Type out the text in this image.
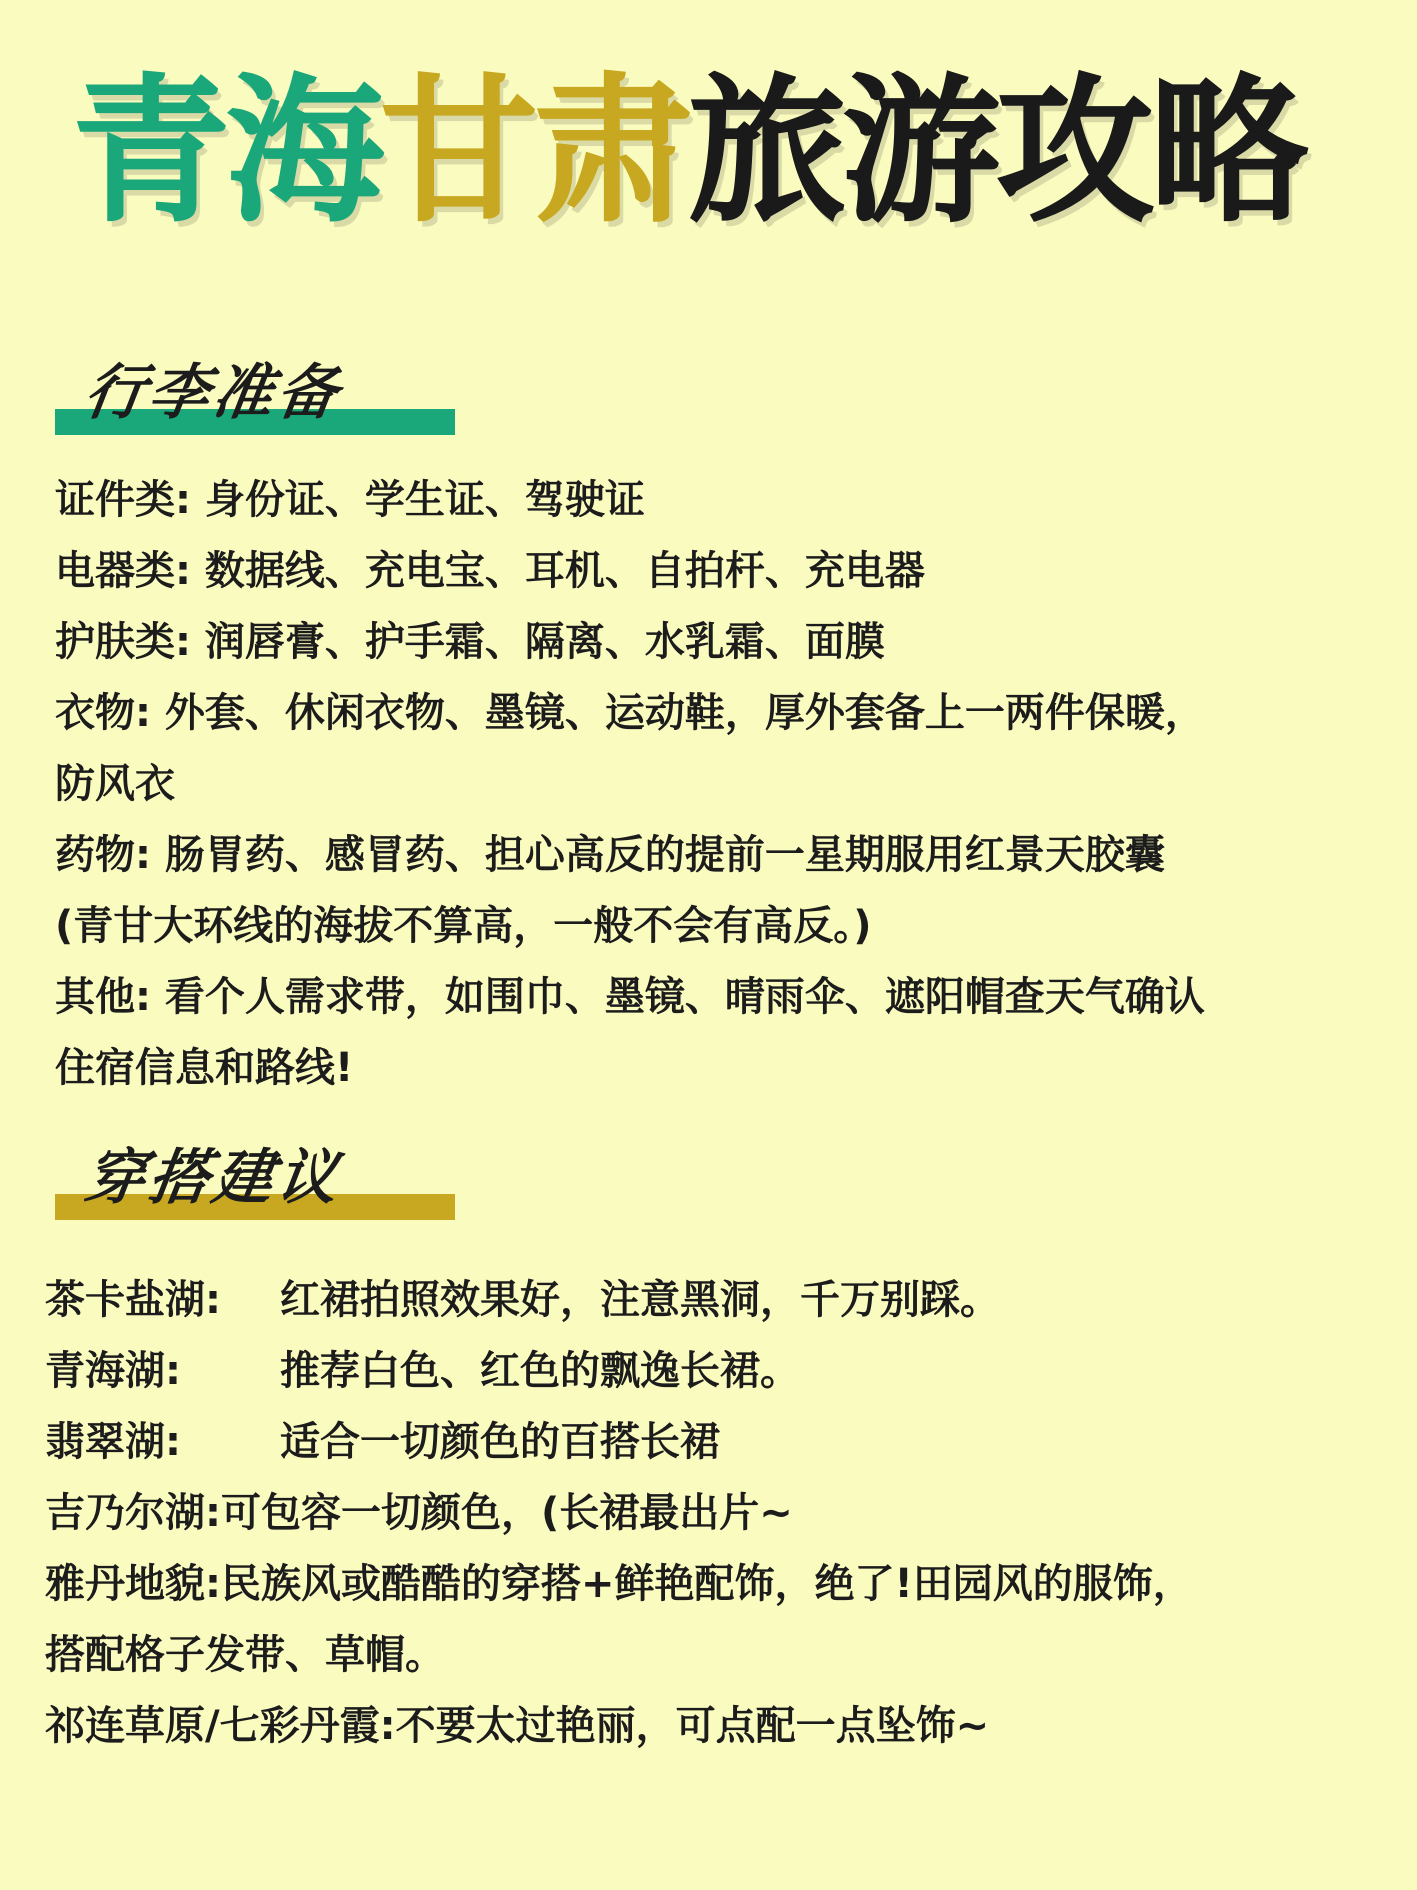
青海甘肃旅游攻略
行李准备
证件类: 身份证、学生证、驾驶证
电器类: 数据线、充电宝、耳机、自拍杆、充电器
护肤类: 润唇膏、护手霜、隔离、水乳霜、面膜
衣物: 外套、休闲衣物、墨镜、运动鞋，厚外套备上一两件保暖，
防风衣
药物: 肠胃药、感冒药、担心高反的提前一星期服用红景天胶囊
(青甘大环线的海拔不算高，一般不会有高反。)
其他: 看个人需求带，如围巾、墨镜、晴雨伞、遮阳帽查天气确认
住宿信息和路线!
穿搭建议
茶卡盐湖:	红裙拍照效果好，注意黑洞，千万别踩。
青海湖:	推荐白色、红色的飘逸长裙。
翡翠湖:	适合一切颜色的百搭长裙
吉乃尔湖: 可包容一切颜色，(长裙最出片~
雅丹地貌: 民族风或酷酷的穿搭+鲜艳配饰，绝了!田园风的服饰，
搭配格子发带、草帽。
祁连草原/七彩丹霞: 不要太过艳丽，可点配一点坠饰~
